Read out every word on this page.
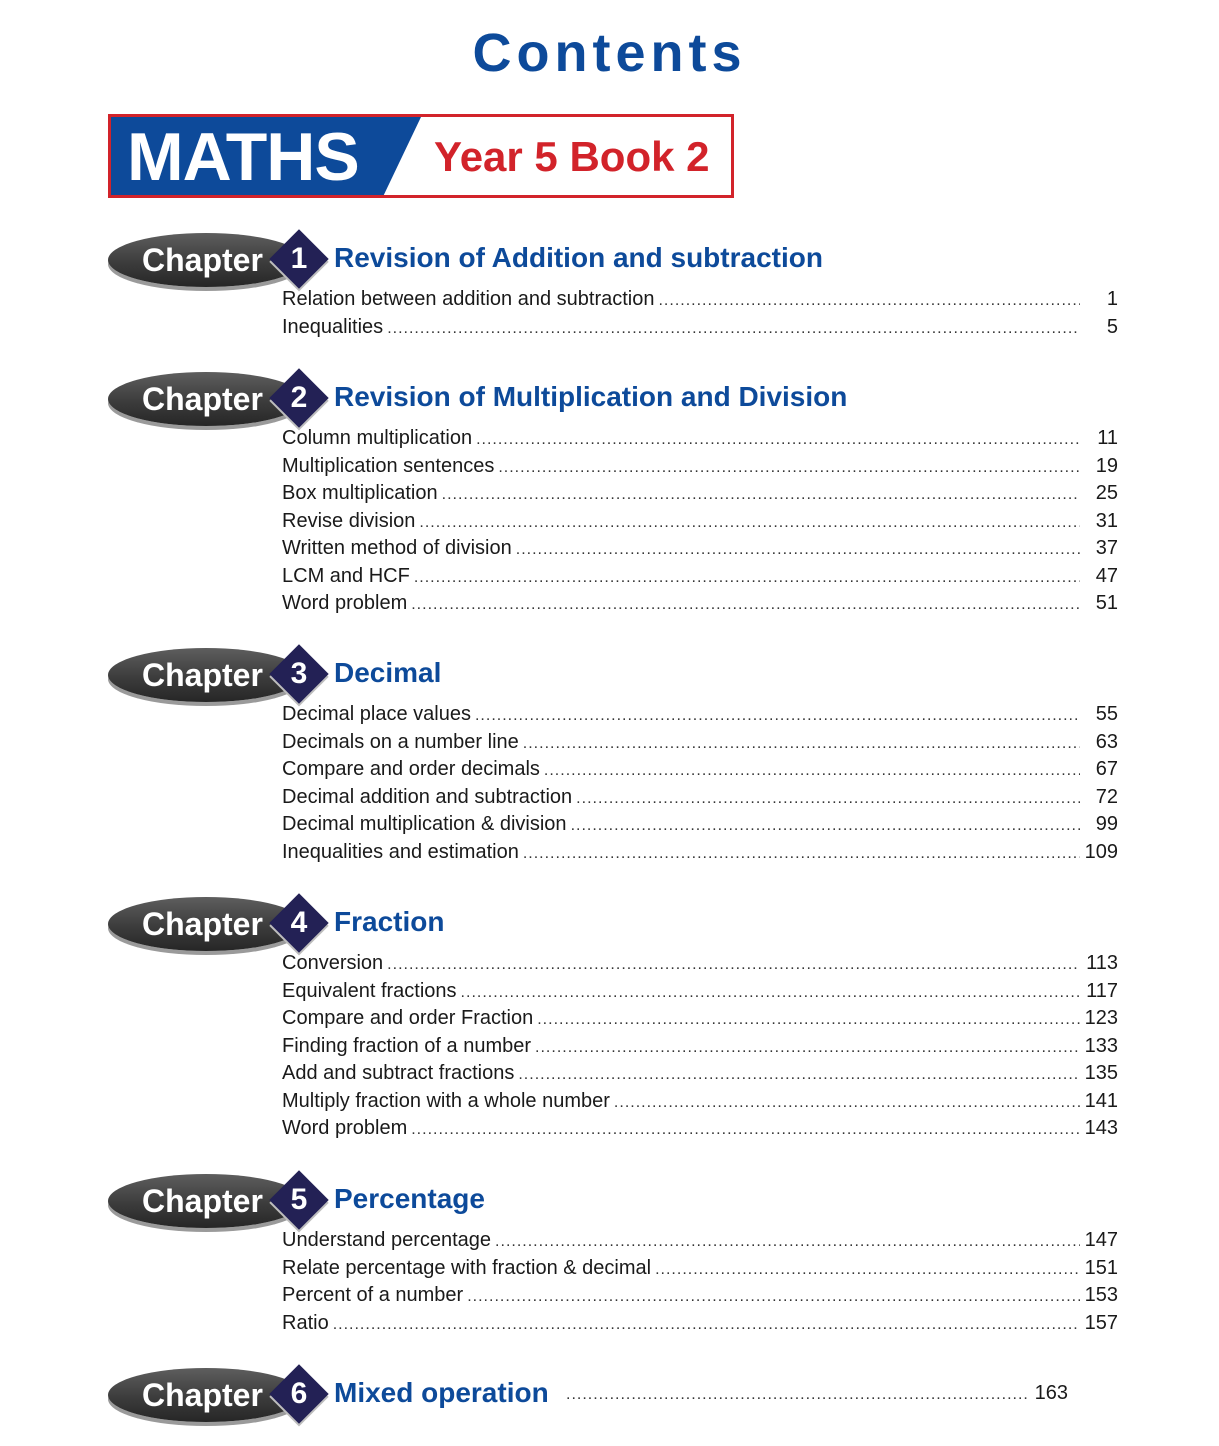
Contents
MATHS Year 5 Book 2
Chapter 1 Revision of Addition and subtraction
Relation between addition and subtraction .....	1
Inequalities .....	5
Chapter 2 Revision of Multiplication and Division
Column multiplication .....	11
Multiplication sentences .....	19
Box multiplication .....	25
Revise division .....	31
Written method of division .....	37
LCM and HCF .....	47
Word problem .....	51
Chapter 3 Decimal
Decimal place values .....	55
Decimals on a number line .....	63
Compare and order decimals .....	67
Decimal addition and subtraction .....	72
Decimal multiplication & division .....	99
Inequalities and estimation .....	109
Chapter 4 Fraction
Conversion .....	113
Equivalent fractions .....	117
Compare and order Fraction .....	123
Finding fraction of a number .....	133
Add and subtract fractions .....	135
Multiply fraction with a whole number .....	141
Word problem .....	143
Chapter 5 Percentage
Understand percentage .....	147
Relate percentage with fraction & decimal .....	151
Percent of a number .....	153
Ratio .....	157
Chapter 6 Mixed operation .....	163
